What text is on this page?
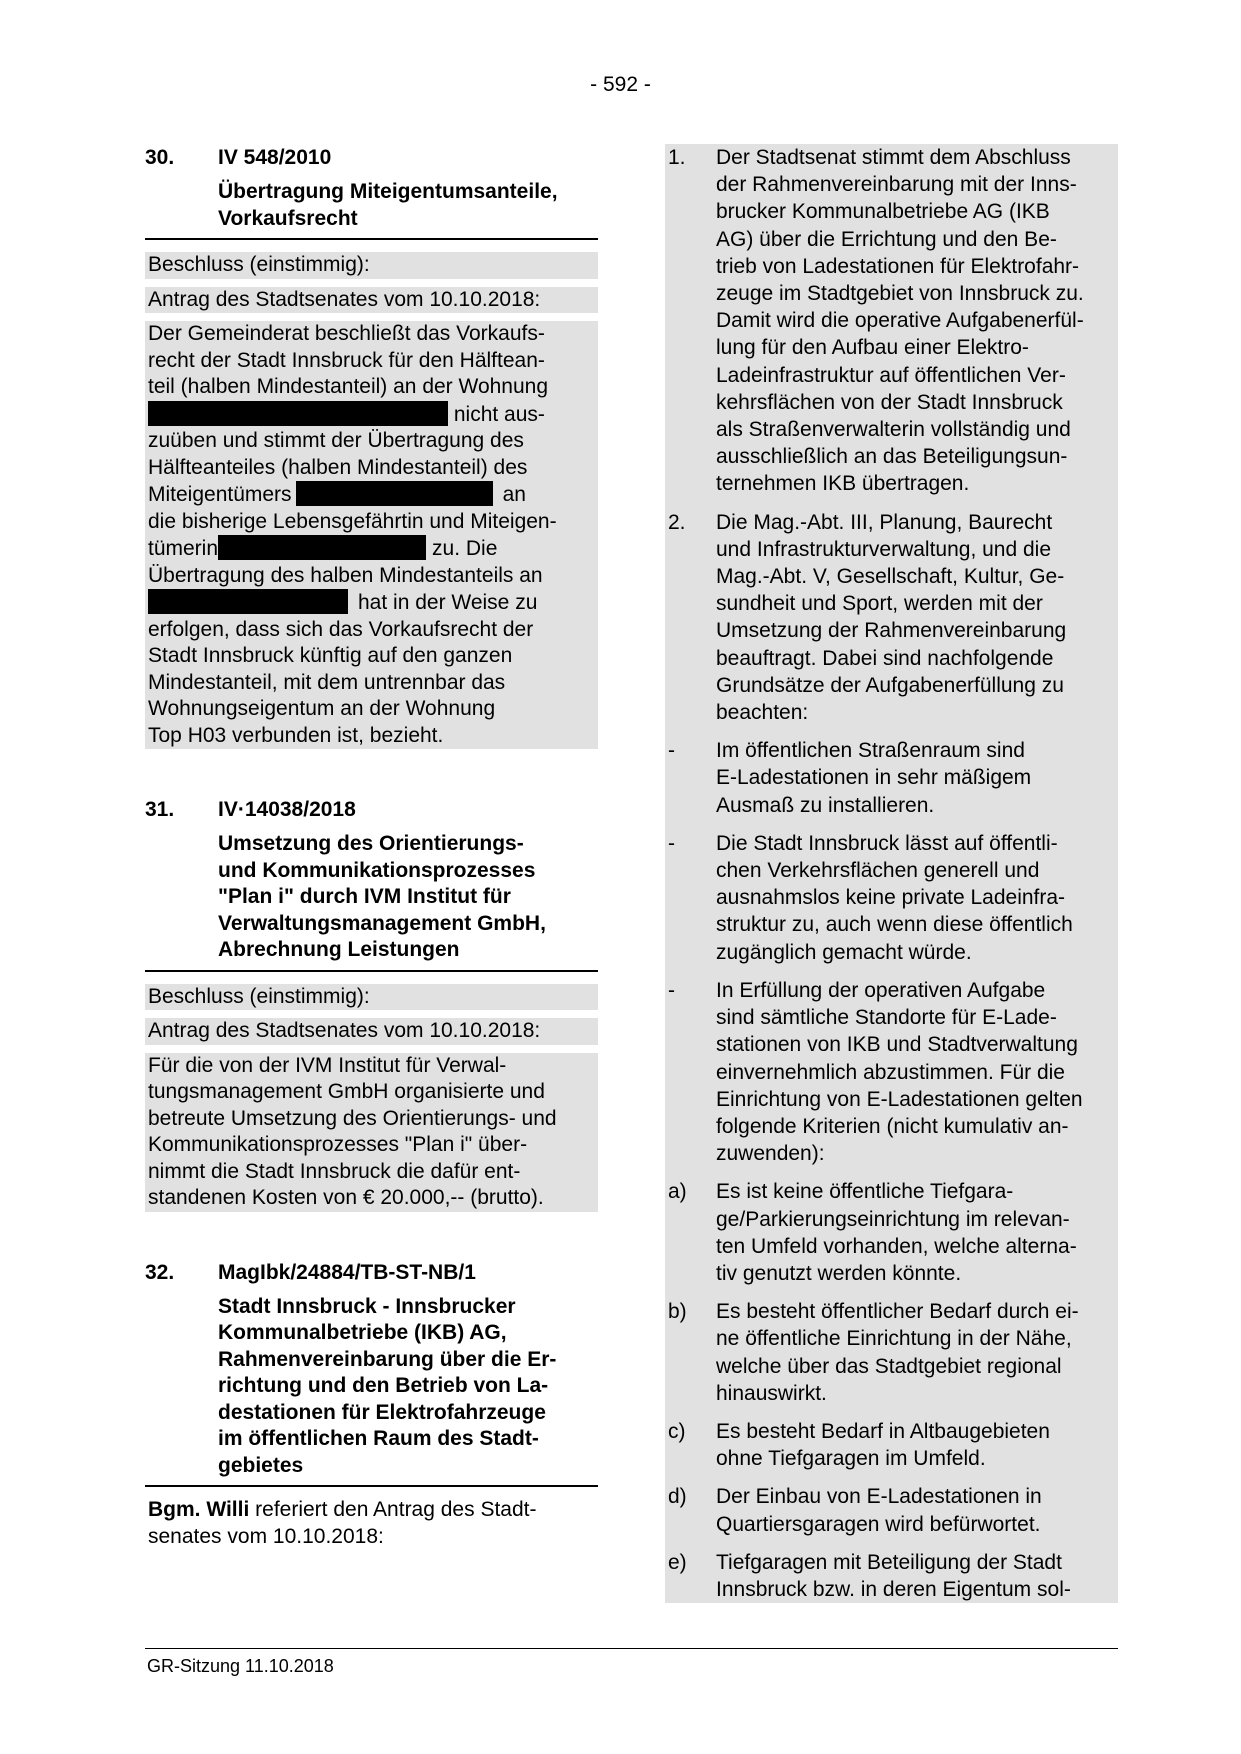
- 592 -
30.	IV 548/2010
Übertragung Miteigentumsanteile,
Vorkaufsrecht
Beschluss (einstimmig):
Antrag des Stadtsenates vom 10.10.2018:
Der Gemeinderat beschließt das Vorkaufs-
recht der Stadt Innsbruck für den Hälftean-
teil (halben Mindestanteil) an der Wohnung
nicht aus-
zuüben und stimmt der Übertragung des
Hälfteanteiles (halben Mindestanteil) des
Miteigentümers	an
die bisherige Lebensgefährtin und Miteigen-
tümerin	zu. Die
Übertragung des halben Mindestanteils an
hat in der Weise zu
erfolgen, dass sich das Vorkaufsrecht der
Stadt Innsbruck künftig auf den ganzen
Mindestanteil, mit dem untrennbar das
Wohnungseigentum an der Wohnung
Top H03 verbunden ist, bezieht.
31.	IV·14038/2018
Umsetzung des Orientierungs-
und Kommunikationsprozesses
"Plan i" durch IVM Institut für
Verwaltungsmanagement GmbH,
Abrechnung Leistungen
Beschluss (einstimmig):
Antrag des Stadtsenates vom 10.10.2018:
Für die von der IVM Institut für Verwal-
tungsmanagement GmbH organisierte und
betreute Umsetzung des Orientierungs- und
Kommunikationsprozesses "Plan i" über-
nimmt die Stadt Innsbruck die dafür ent-
standenen Kosten von € 20.000,-- (brutto).
32.	MagIbk/24884/TB-ST-NB/1
Stadt Innsbruck - Innsbrucker
Kommunalbetriebe (IKB) AG,
Rahmenvereinbarung über die Er-
richtung und den Betrieb von La-
destationen für Elektrofahrzeuge
im öffentlichen Raum des Stadt-
gebietes
Bgm. Willi referiert den Antrag des Stadt-
senates vom 10.10.2018:
1.	Der Stadtsenat stimmt dem Abschluss
der Rahmenvereinbarung mit der Inns-
brucker Kommunalbetriebe AG (IKB
AG) über die Errichtung und den Be-
trieb von Ladestationen für Elektrofahr-
zeuge im Stadtgebiet von Innsbruck zu.
Damit wird die operative Aufgabenerfül-
lung für den Aufbau einer Elektro-
Ladeinfrastruktur auf öffentlichen Ver-
kehrsflächen von der Stadt Innsbruck
als Straßenverwalterin vollständig und
ausschließlich an das Beteiligungsun-
ternehmen IKB übertragen.
2.	Die Mag.-Abt. III, Planung, Baurecht
und Infrastrukturverwaltung, und die
Mag.-Abt. V, Gesellschaft, Kultur, Ge-
sundheit und Sport, werden mit der
Umsetzung der Rahmenvereinbarung
beauftragt. Dabei sind nachfolgende
Grundsätze der Aufgabenerfüllung zu
beachten:
-	Im öffentlichen Straßenraum sind
E-Ladestationen in sehr mäßigem
Ausmaß zu installieren.
-	Die Stadt Innsbruck lässt auf öffentli-
chen Verkehrsflächen generell und
ausnahmslos keine private Ladeinfra-
struktur zu, auch wenn diese öffentlich
zugänglich gemacht würde.
-	In Erfüllung der operativen Aufgabe
sind sämtliche Standorte für E-Lade-
stationen von IKB und Stadtverwaltung
einvernehmlich abzustimmen. Für die
Einrichtung von E-Ladestationen gelten
folgende Kriterien (nicht kumulativ an-
zuwenden):
a)	Es ist keine öffentliche Tiefgara-
ge/Parkierungseinrichtung im relevan-
ten Umfeld vorhanden, welche alterna-
tiv genutzt werden könnte.
b)	Es besteht öffentlicher Bedarf durch ei-
ne öffentliche Einrichtung in der Nähe,
welche über das Stadtgebiet regional
hinauswirkt.
c)	Es besteht Bedarf in Altbaugebieten
ohne Tiefgaragen im Umfeld.
d)	Der Einbau von E-Ladestationen in
Quartiersgaragen wird befürwortet.
e)	Tiefgaragen mit Beteiligung der Stadt
Innsbruck bzw. in deren Eigentum sol-
GR-Sitzung 11.10.2018
